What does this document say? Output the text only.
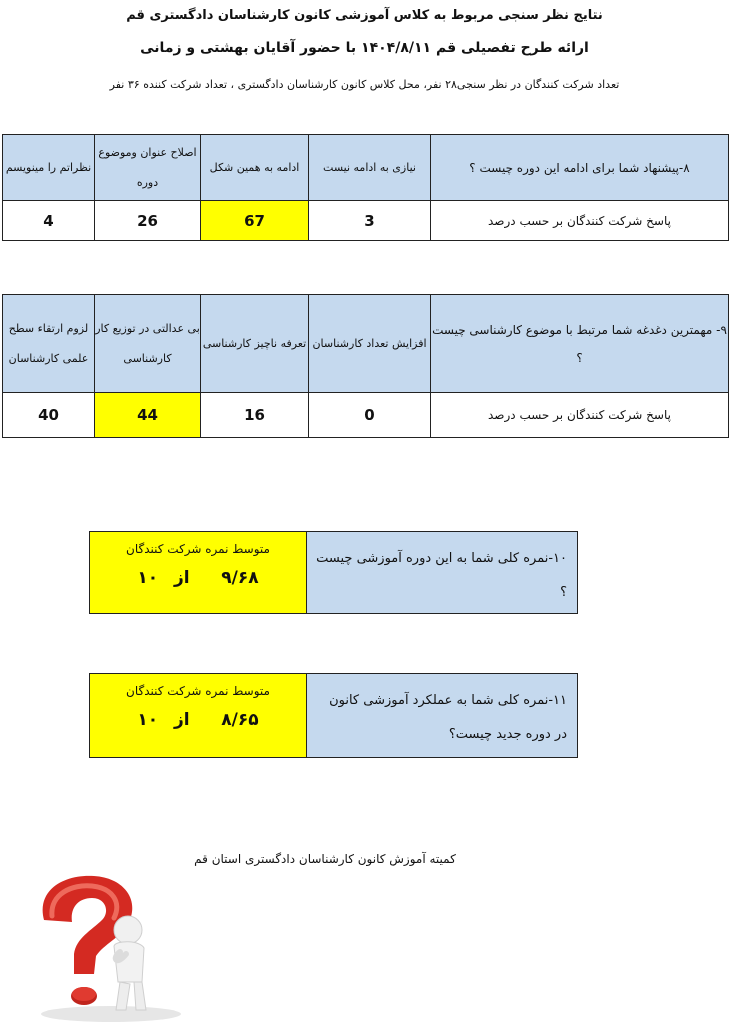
نتایج نظر سنجی مربوط به کلاس آموزشی کانون کارشناسان دادگستری قم
ارائه طرح تفصیلی قم ۱۴۰۴/۸/۱۱ با حضور آقایان بهشتی و زمانی
تعداد شرکت کنندگان در نظر سنجی۲۸ نفر، محل کلاس کانون کارشناسان دادگستری ، تعداد شرکت کننده ۳۶ نفر
۸-پیشنهاد شما برای ادامه این دوره چیست ؟	نیازی به ادامه نیست	ادامه به همین شکل	اصلاح عنوان وموضوع دوره	نظراتم را مینویسم
پاسخ شرکت کنندگان بر حسب درصد	3	67	26	4
۹- مهمترین دغدغه شما مرتبط با موضوع کارشناسی چیست ؟	افزایش تعداد کارشناسان	تعرفه ناچیز کارشناسی	بی عدالتی در توزیع کار کارشناسی	لزوم ارتقاء سطح علمی کارشناسان
پاسخ شرکت کنندگان بر حسب درصد	0	16	44	40
۱۰-نمره کلی شما به این دوره آموزشی چیست ؟
متوسط نمره شرکت کنندگان
۹/۶۸    از  ۱۰
۱۱-نمره کلی شما به عملکرد آموزشی کانون در دوره جدید چیست؟
متوسط نمره شرکت کنندگان
۸/۶۵    از  ۱۰
کمیته آموزش کانون کارشناسان دادگستری استان قم
